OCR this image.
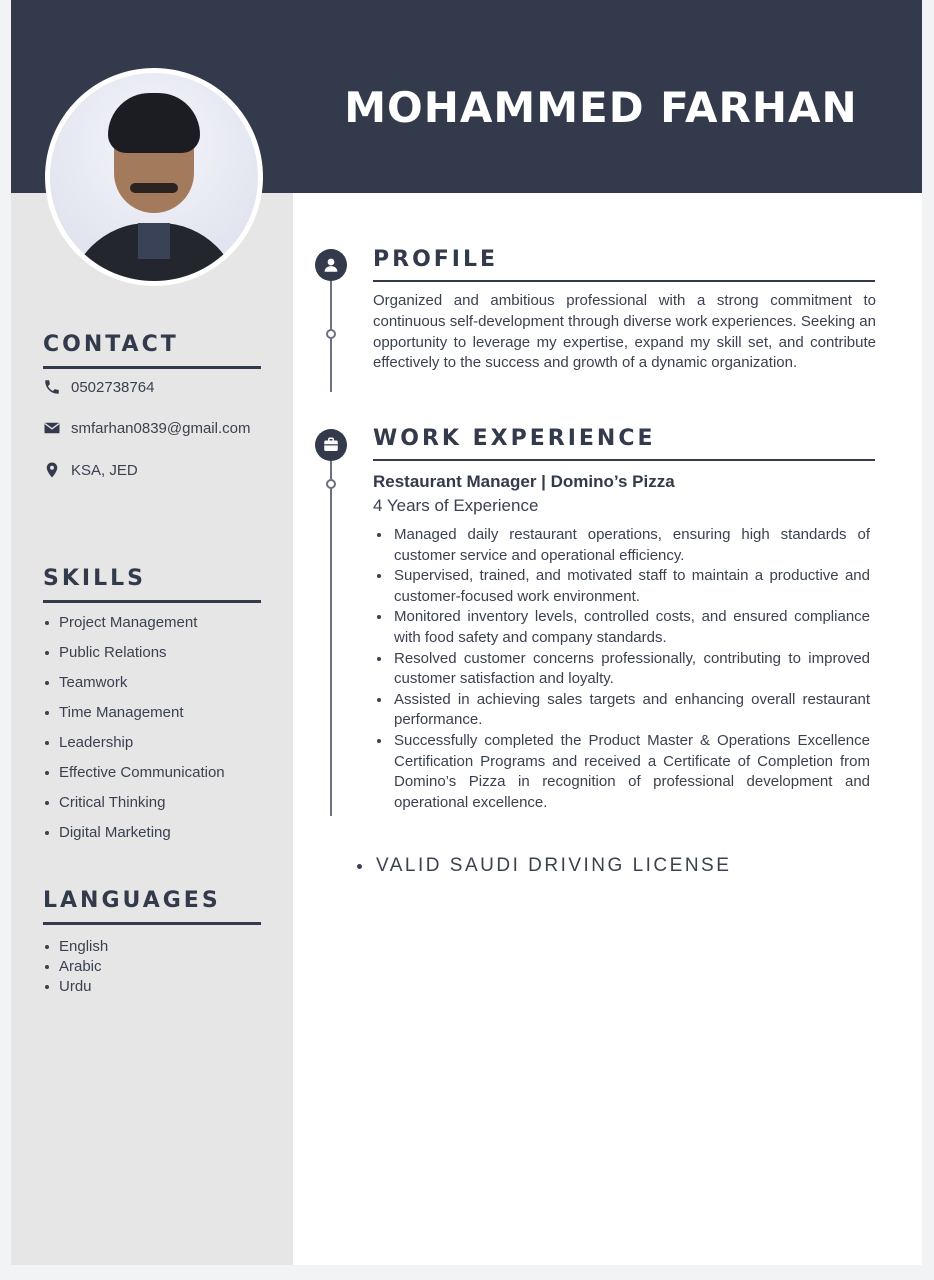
MOHAMMED FARHAN
CONTACT
0502738764
smfarhan0839@gmail.com
KSA, JED
SKILLS
Project Management
Public Relations
Teamwork
Time Management
Leadership
Effective Communication
Critical Thinking
Digital Marketing
LANGUAGES
English
Arabic
Urdu
PROFILE

Organized and ambitious professional with a strong commitment to continuous self-development through diverse work experiences. Seeking an opportunity to leverage my expertise, expand my skill set, and contribute effectively to the success and growth of a dynamic organization.

WORK EXPERIENCE
Restaurant Manager | Domino’s Pizza
4 Years of Experience
Managed daily restaurant operations, ensuring high standards of customer service and operational efficiency.
Supervised, trained, and motivated staff to maintain a productive and customer-focused work environment.
Monitored inventory levels, controlled costs, and ensured compliance with food safety and company standards.
Resolved customer concerns professionally, contributing to improved customer satisfaction and loyalty.
Assisted in achieving sales targets and enhancing overall restaurant performance.
Successfully completed the Product Master & Operations Excellence Certification Programs and received a Certificate of Completion from Domino’s Pizza in recognition of professional development and operational excellence.
VALID SAUDI DRIVING LICENSE
